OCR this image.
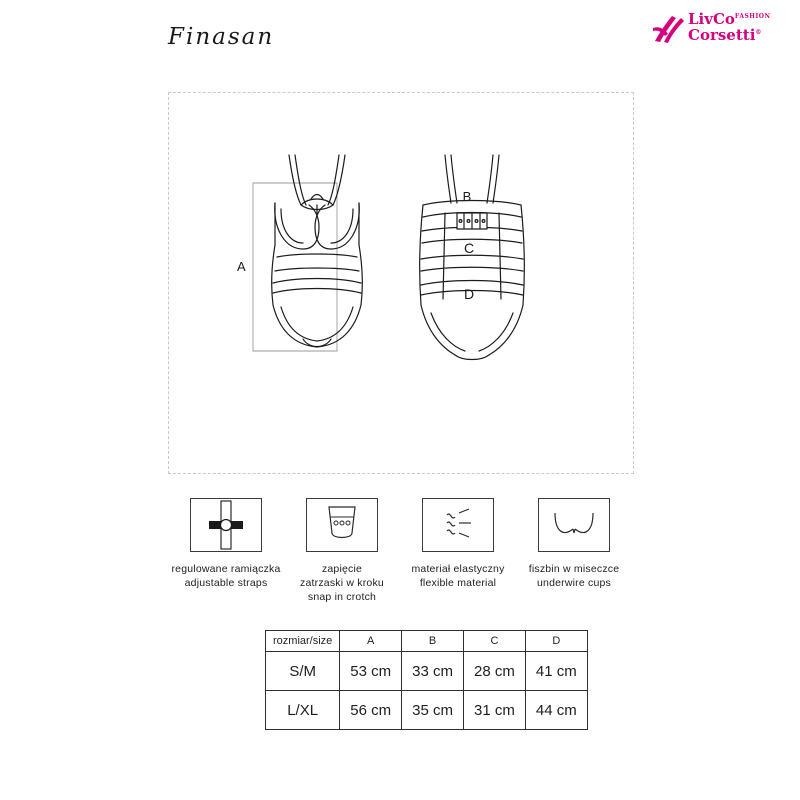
Finasan
LivCo$^{FASHION}$
Corsetti®
A
B
C
D
regulowane ramiączka
adjustable straps
zapięcie
zatrzaski w kroku
snap in crotch
materiał elastyczny
flexible material
fiszbin w miseczce
underwire cups
rozmiar/size	A	B	C	D
S/M	53 cm	33 cm	28 cm	41 cm
L/XL	56 cm	35 cm	31 cm	44 cm
